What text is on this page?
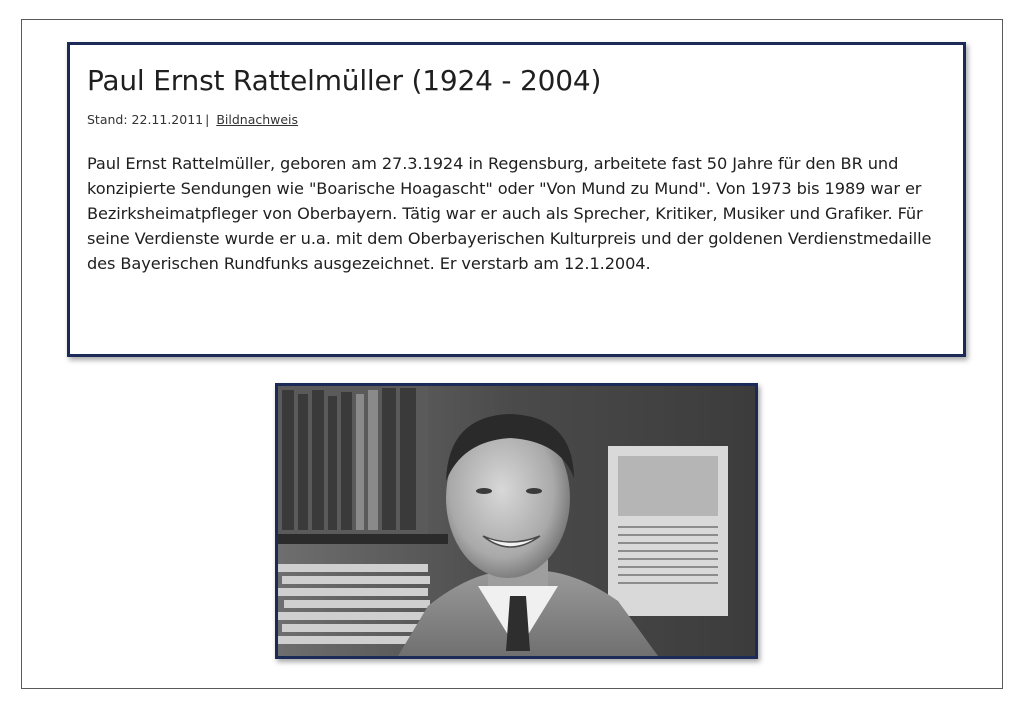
Paul Ernst Rattelmüller (1924 - 2004)
Stand: 22.11.2011 | Bildnachweis
Paul Ernst Rattelmüller, geboren am 27.3.1924 in Regensburg, arbeitete fast 50 Jahre für den BR und konzipierte Sendungen wie "Boarische Hoagascht" oder "Von Mund zu Mund". Von 1973 bis 1989 war er Bezirksheimatpfleger von Oberbayern. Tätig war er auch als Sprecher, Kritiker, Musiker und Grafiker. Für seine Verdienste wurde er u.a. mit dem Oberbayerischen Kulturpreis und der goldenen Verdienstmedaille des Bayerischen Rundfunks ausgezeichnet. Er verstarb am 12.1.2004.
